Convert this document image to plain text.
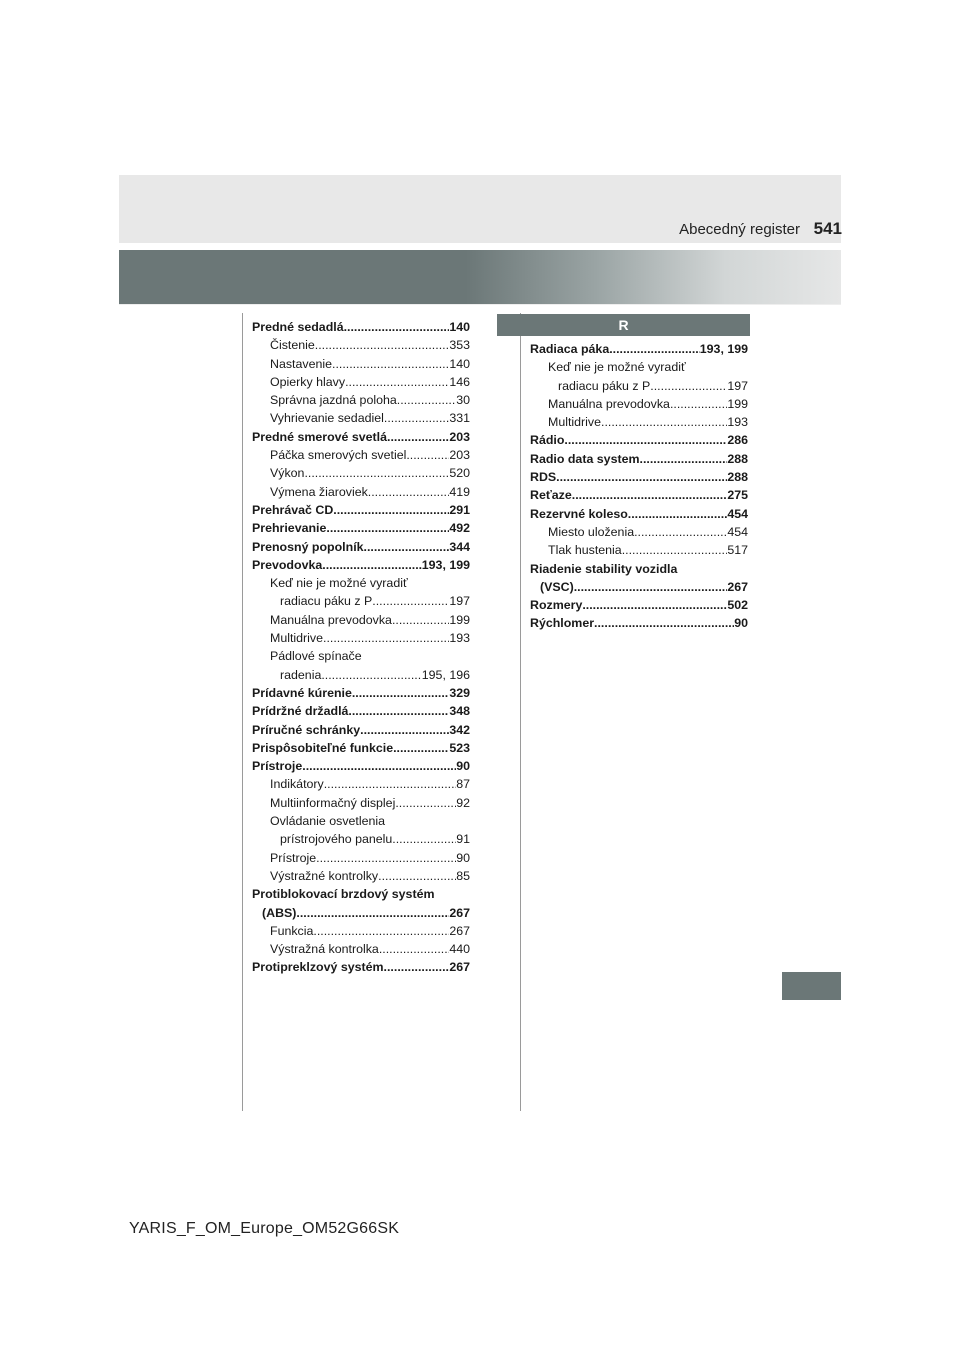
Abecedný register 541
Predné sedadlá .....	140
Čistenie .....	353
Nastavenie .....	140
Opierky hlavy .....	146
Správna jazdná poloha .....	30
Vyhrievanie sedadiel .....	331
Predné smerové svetlá .....	203
Páčka smerových svetiel .....	203
Výkon .....	520
Výmena žiaroviek .....	419
Prehrávač CD .....	291
Prehrievanie .....	492
Prenosný popolník .....	344
Prevodovka .....	193, 199
Keď nie je možné vyradiť
radiacu páku z P .....	197
Manuálna prevodovka .....	199
Multidrive .....	193
Pádlové spínače
radenia .....	195, 196
Prídavné kúrenie .....	329
Prídržné držadlá .....	348
Príručné schránky .....	342
Prispôsobiteľné funkcie .....	523
Prístroje .....	90
Indikátory .....	87
Multiinformačný displej .....	92
Ovládanie osvetlenia
prístrojového panelu .....	91
Prístroje .....	90
Výstražné kontrolky .....	85
Protiblokovací brzdový systém
(ABS) .....	267
Funkcia .....	267
Výstražná kontrolka .....	440
Protipreklzový systém .....	267
R
Radiaca páka .....	193, 199
Keď nie je možné vyradiť
radiacu páku z P .....	197
Manuálna prevodovka .....	199
Multidrive .....	193
Rádio .....	286
Radio data system .....	288
RDS .....	288
Reťaze .....	275
Rezervné koleso .....	454
Miesto uloženia .....	454
Tlak hustenia .....	517
Riadenie stability vozidla
(VSC) .....	267
Rozmery .....	502
Rýchlomer .....	90
YARIS_F_OM_Europe_OM52G66SK
